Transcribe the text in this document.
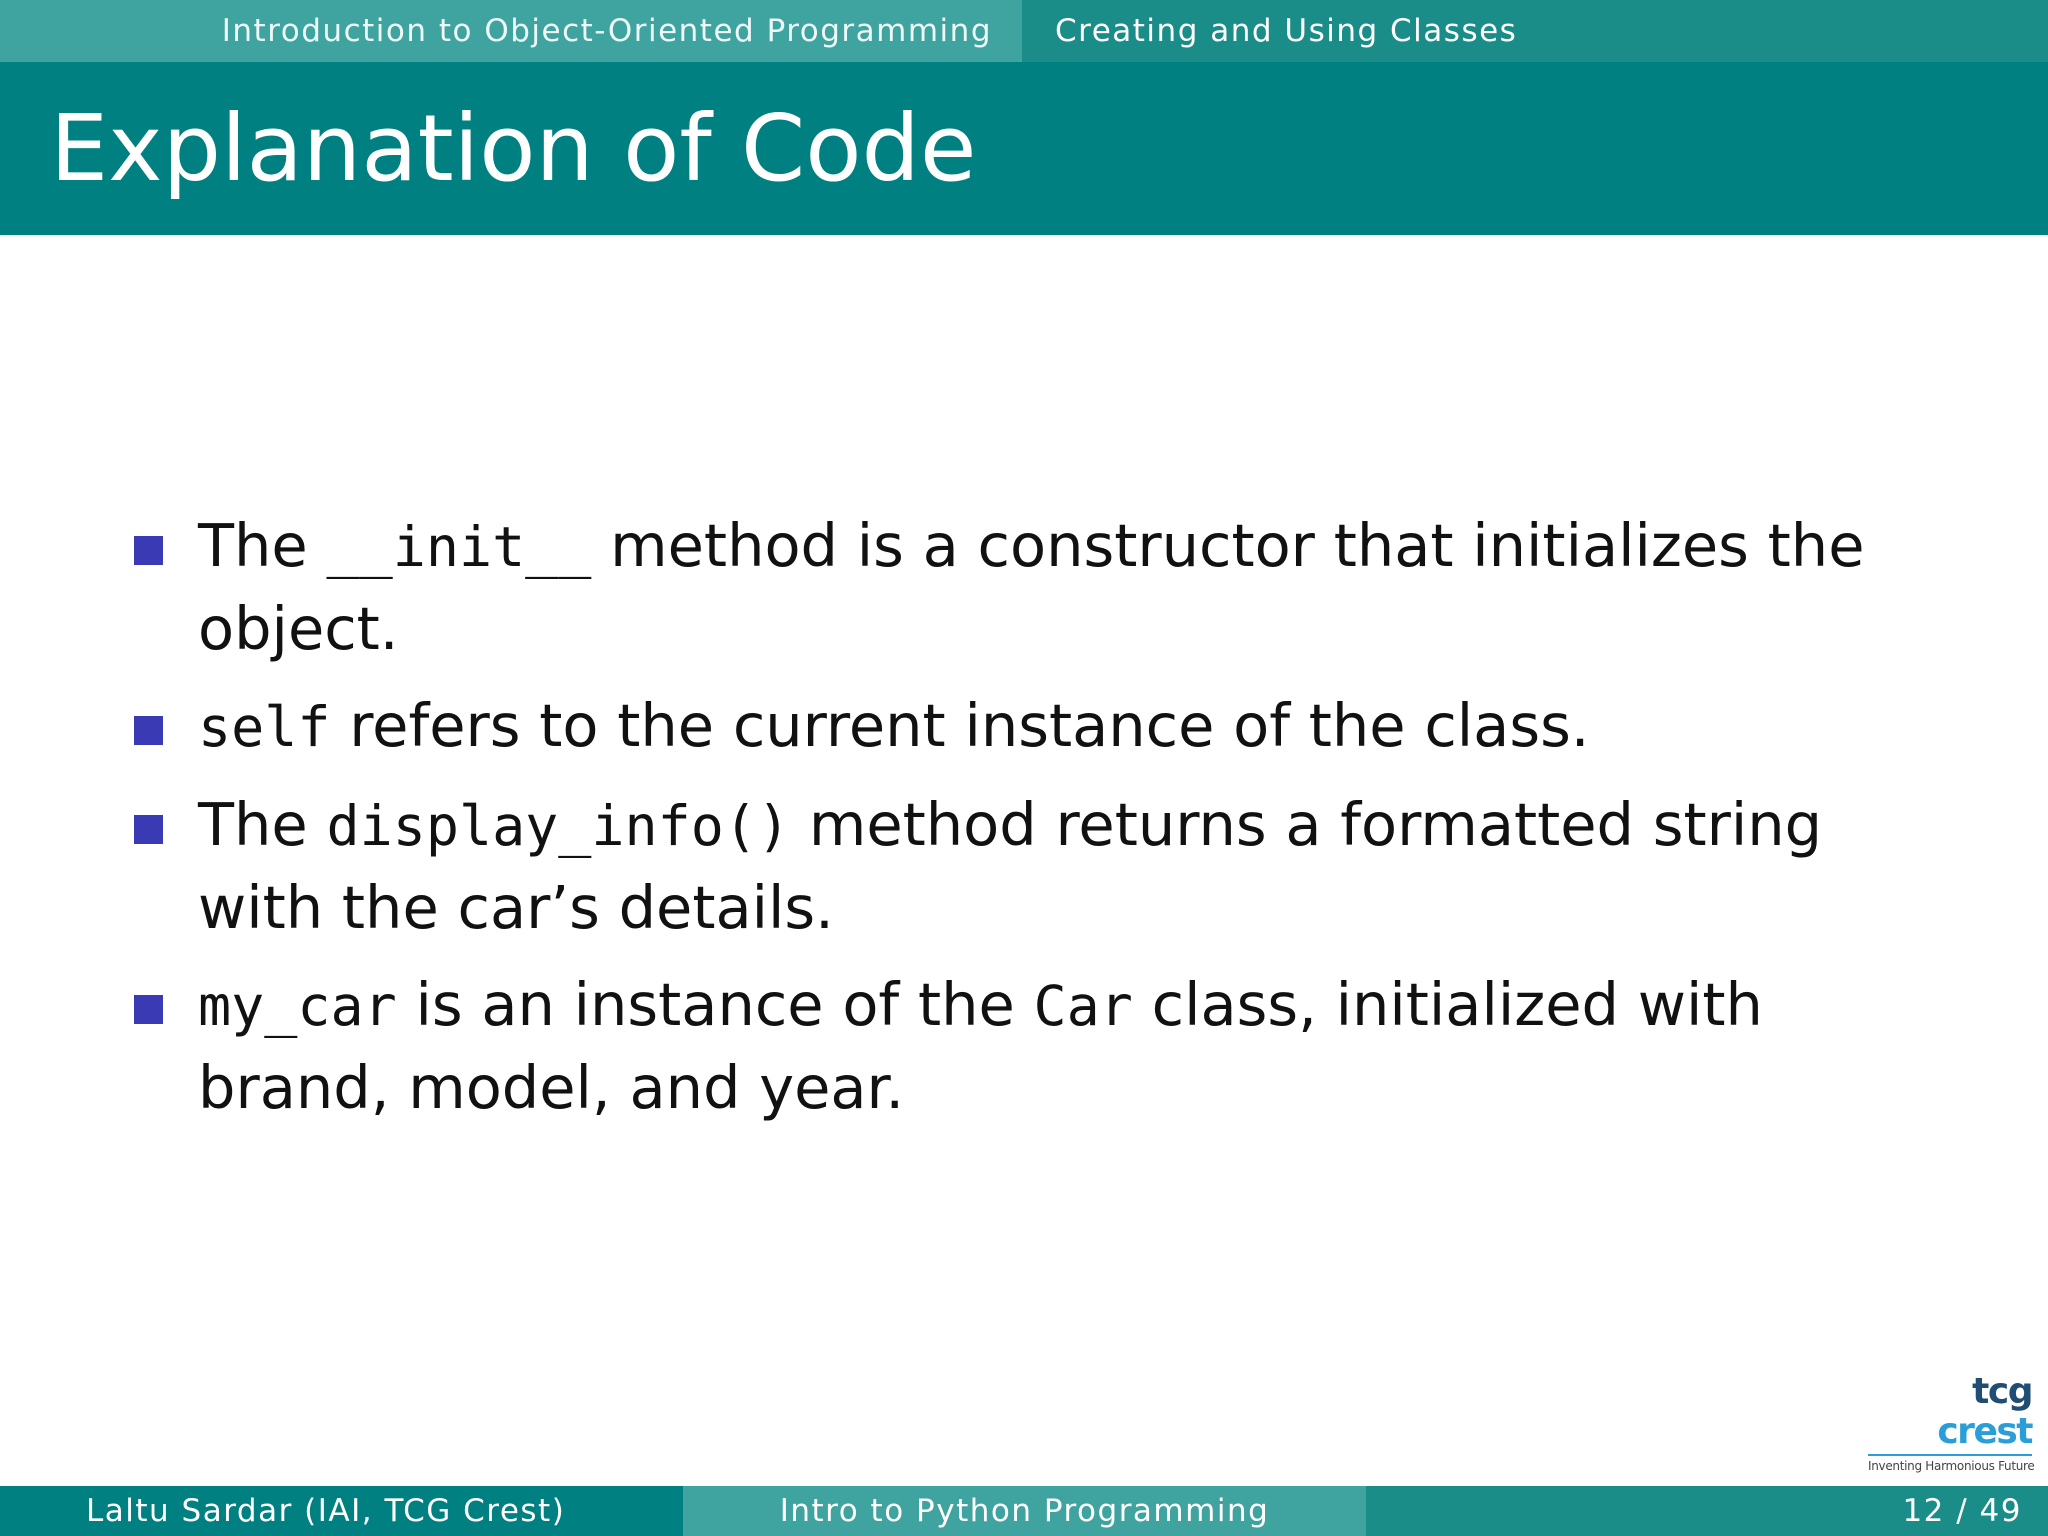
Introduction to Object-Oriented Programming Creating and Using Classes
Explanation of Code
The __init__ method is a constructor that initializes the object.
self refers to the current instance of the class.
The display_info() method returns a formatted string with the car’s details.
my_car is an instance of the Car class, initialized with brand, model, and year.
tcg crest
Inventing Harmonious Future
Laltu Sardar (IAI, TCG Crest)	Intro to Python Programming	12 / 49
